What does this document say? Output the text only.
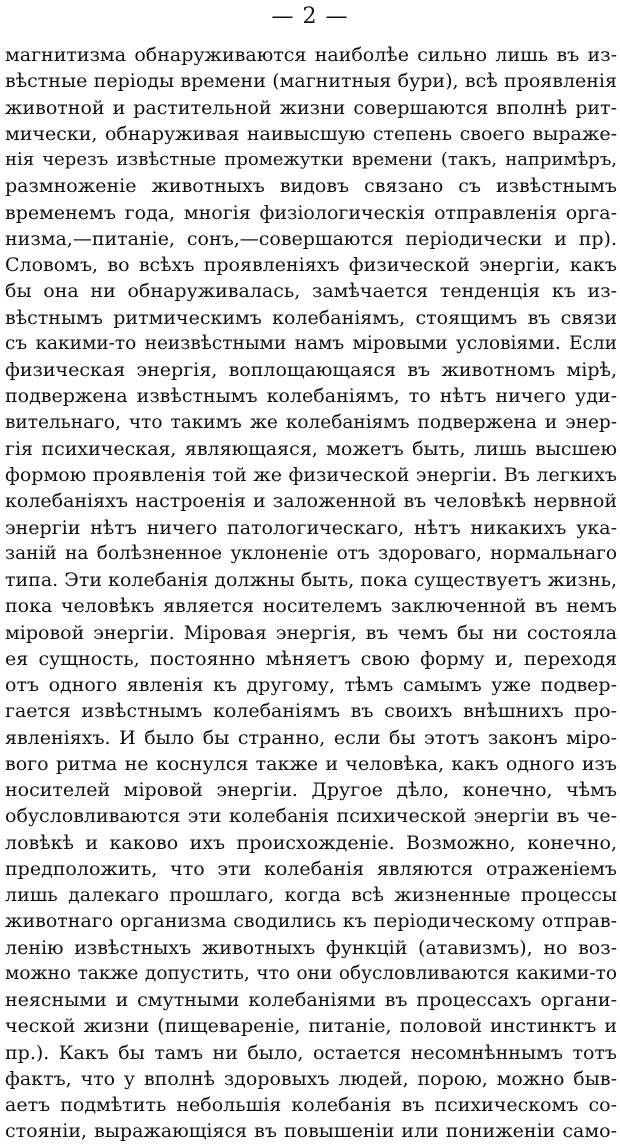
— 2 —
магнитизма обнаруживаются наиболѣе сильно лишь въ из-
вѣстные періоды времени (магнитныя бури), всѣ проявленія
животной и растительной жизни совершаются вполнѣ рит-
мически, обнаруживая наивысшую степень своего выраже-
нія черезъ извѣстные промежутки времени (такъ, напримѣръ,
размноженіе животныхъ видовъ связано съ извѣстнымъ
временемъ года, многія физіологическія отправленія орга-
низма,—питаніе, сонъ,—совершаются періодически и пр).
Словомъ, во всѣхъ проявленіяхъ физической энергіи, какъ
бы она ни обнаруживалась, замѣчается тенденція къ из-
вѣстнымъ ритмическимъ колебаніямъ, стоящимъ въ связи
съ какими-то неизвѣстными намъ міровыми условіями. Если
физическая энергія, воплощающаяся въ животномъ мірѣ,
подвержена извѣстнымъ колебаніямъ, то нѣтъ ничего уди-
вительнаго, что такимъ же колебаніямъ подвержена и энер-
гія психическая, являющаяся, можетъ быть, лишь высшею
формою проявленія той же физической энергіи. Въ легкихъ
колебаніяхъ настроенія и заложенной въ человѣкѣ нервной
энергіи нѣтъ ничего патологическаго, нѣтъ никакихъ ука-
заній на болѣзненное уклоненіе отъ здороваго, нормальнаго
типа. Эти колебанія должны быть, пока существуетъ жизнь,
пока человѣкъ является носителемъ заключенной въ немъ
міровой энергіи. Міровая энергія, въ чемъ бы ни состояла
ея сущность, постоянно мѣняетъ свою форму и, переходя
отъ одного явленія къ другому, тѣмъ самымъ уже подвер-
гается извѣстнымъ колебаніямъ въ своихъ внѣшнихъ про-
явленіяхъ. И было бы странно, если бы этотъ законъ міро-
вого ритма не коснулся также и человѣка, какъ одного изъ
носителей міровой энергіи. Другое дѣло, конечно, чѣмъ
обусловливаются эти колебанія психической энергіи въ че-
ловѣкѣ и каково ихъ происхожденіе. Возможно, конечно,
предположить, что эти колебанія являются отраженіемъ
лишь далекаго прошлаго, когда всѣ жизненные процессы
животнаго организма сводились къ періодическому отправ-
ленію извѣстныхъ животныхъ функцій (атавизмъ), но воз-
можно также допустить, что они обусловливаются какими-то
неясными и смутными колебаніями въ процессахъ органи-
ческой жизни (пищевареніе, питаніе, половой инстинктъ и
пр.). Какъ бы тамъ ни было, остается несомнѣннымъ тотъ
фактъ, что у вполнѣ здоровыхъ людей, порою, можно быв-
аетъ подмѣтить небольшія колебанія въ психическомъ со-
стояніи, выражающіяся въ повышеніи или пониженіи само-
